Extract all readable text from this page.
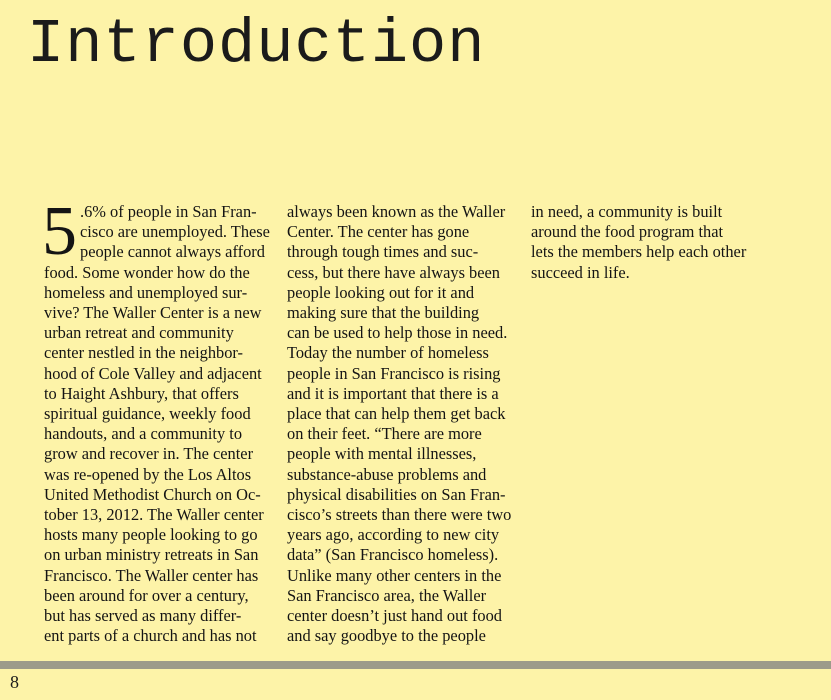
Introduction
5 .6% of people in San Fran-
cisco are unemployed. These
people cannot always afford
food. Some wonder how do the
homeless and unemployed sur-
vive? The Waller Center is a new
urban retreat and community
center nestled in the neighbor-
hood of Cole Valley and adjacent
to Haight Ashbury, that offers
spiritual guidance, weekly food
handouts, and a community to
grow and recover in. The center
was re-opened by the Los Altos
United Methodist Church on Oc-
tober 13, 2012. The Waller center
hosts many people looking to go
on urban ministry retreats in San
Francisco. The Waller center has
been around for over a century,
but has served as many differ-
ent parts of a church and has not
always been known as the Waller
Center. The center has gone
through tough times and suc-
cess, but there have always been
people looking out for it and
making sure that the building
can be used to help those in need.
Today the number of homeless
people in San Francisco is rising
and it is important that there is a
place that can help them get back
on their feet. “There are more
people with mental illnesses,
substance-abuse problems and
physical disabilities on San Fran-
cisco’s streets than there were two
years ago, according to new city
data” (San Francisco homeless).
Unlike many other centers in the
San Francisco area, the Waller
center doesn’t just hand out food
and say goodbye to the people
in need, a community is built
around the food program that
lets the members help each other
succeed in life.
8
